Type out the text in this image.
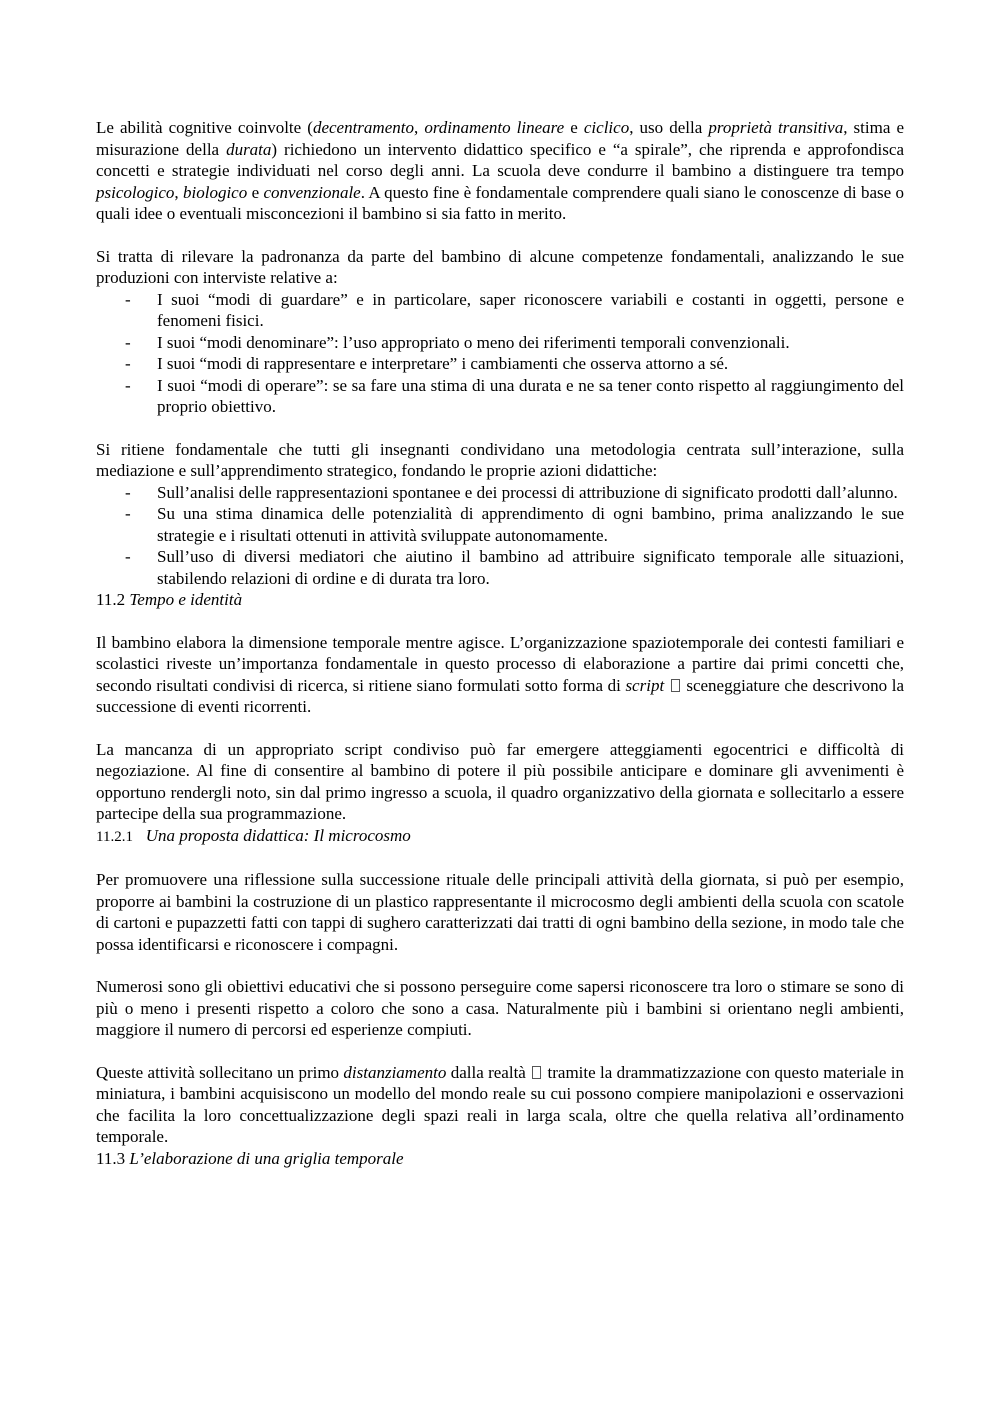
Le abilità cognitive coinvolte (decentramento, ordinamento lineare e ciclico, uso della proprietà transitiva, stima e misurazione della durata) richiedono un intervento didattico specifico e “a spirale”, che riprenda e approfondisca concetti e strategie individuati nel corso degli anni. La scuola deve condurre il bambino a distinguere tra tempo psicologico, biologico e convenzionale. A questo fine è fondamentale comprendere quali siano le conoscenze di base o quali idee o eventuali misconcezioni il bambino si sia fatto in merito.

Si tratta di rilevare la padronanza da parte del bambino di alcune competenze fondamentali, analizzando le sue produzioni con interviste relative a:

- I suoi “modi di guardare” e in particolare, saper riconoscere variabili e costanti in oggetti, persone e fenomeni fisici.
- I suoi “modi denominare”: l’uso appropriato o meno dei riferimenti temporali convenzionali.
- I suoi “modi di rappresentare e interpretare” i cambiamenti che osserva attorno a sé.
- I suoi “modi di operare”: se sa fare una stima di una durata e ne sa tener conto rispetto al raggiungimento del proprio obiettivo.

Si ritiene fondamentale che tutti gli insegnanti condividano una metodologia centrata sull’interazione, sulla mediazione e sull’apprendimento strategico, fondando le proprie azioni didattiche:

- Sull’analisi delle rappresentazioni spontanee e dei processi di attribuzione di significato prodotti dall’alunno.
- Su una stima dinamica delle potenzialità di apprendimento di ogni bambino, prima analizzando le sue strategie e i risultati ottenuti in attività sviluppate autonomamente.
- Sull’uso di diversi mediatori che aiutino il bambino ad attribuire significato temporale alle situazioni, stabilendo relazioni di ordine e di durata tra loro.

11.2 Tempo e identità

Il bambino elabora la dimensione temporale mentre agisce. L’organizzazione spaziotemporale dei contesti familiari e scolastici riveste un’importanza fondamentale in questo processo di elaborazione a partire dai primi concetti che, secondo risultati condivisi di ricerca, si ritiene siano formulati sotto forma di script  sceneggiature che descrivono la successione di eventi ricorrenti.

La mancanza di un appropriato script condiviso può far emergere atteggiamenti egocentrici e difficoltà di negoziazione. Al fine di consentire al bambino di potere il più possibile anticipare e dominare gli avvenimenti è opportuno rendergli noto, sin dal primo ingresso a scuola, il quadro organizzativo della giornata e sollecitarlo a essere partecipe della sua programmazione.

11.2.1 Una proposta didattica: Il microcosmo

Per promuovere una riflessione sulla successione rituale delle principali attività della giornata, si può per esempio, proporre ai bambini la costruzione di un plastico rappresentante il microcosmo degli ambienti della scuola con scatole di cartoni e pupazzetti fatti con tappi di sughero caratterizzati dai tratti di ogni bambino della sezione, in modo tale che possa identificarsi e riconoscere i compagni.

Numerosi sono gli obiettivi educativi che si possono perseguire come sapersi riconoscere tra loro o stimare se sono di più o meno i presenti rispetto a coloro che sono a casa. Naturalmente più i bambini si orientano negli ambienti, maggiore il numero di percorsi ed esperienze compiuti.

Queste attività sollecitano un primo distanziamento dalla realtà  tramite la drammatizzazione con questo materiale in miniatura, i bambini acquisiscono un modello del mondo reale su cui possono compiere manipolazioni e osservazioni che facilita la loro concettualizzazione degli spazi reali in larga scala, oltre che quella relativa all’ordinamento temporale.

11.3 L’elaborazione di una griglia temporale
